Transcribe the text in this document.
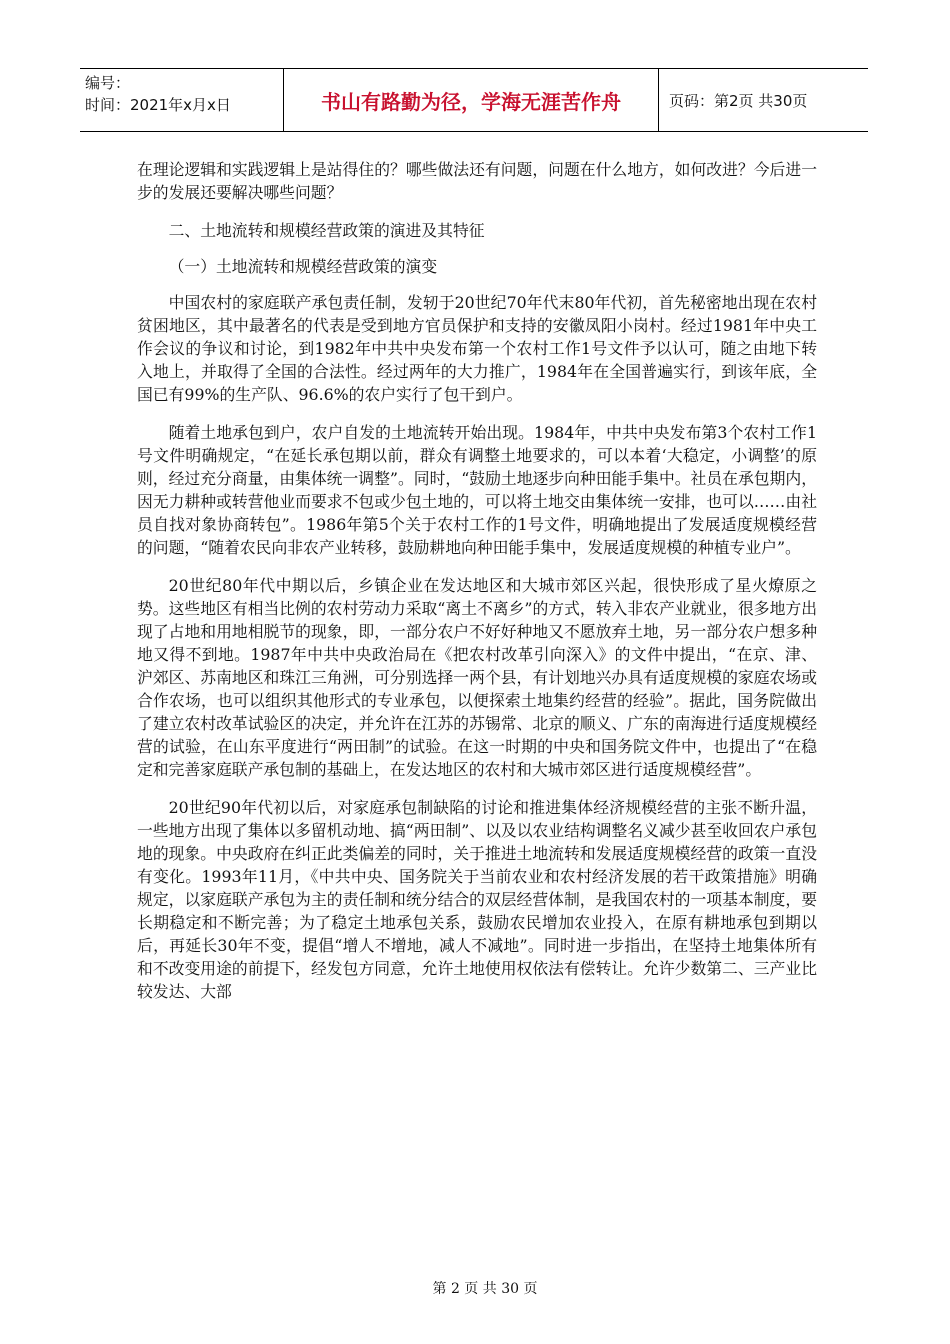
编号：
时间：2021年x月x日	书山有路勤为径，学海无涯苦作舟	页码：第2页 共30页

在理论逻辑和实践逻辑上是站得住的？哪些做法还有问题，问题在什么地方，如何改进？今后进一步的发展还要解决哪些问题？

二、土地流转和规模经营政策的演进及其特征

（一）土地流转和规模经营政策的演变

中国农村的家庭联产承包责任制，发轫于20世纪70年代末80年代初，首先秘密地出现在农村贫困地区，其中最著名的代表是受到地方官员保护和支持的安徽凤阳小岗村。经过1981年中央工作会议的争议和讨论，到1982年中共中央发布第一个农村工作1号文件予以认可，随之由地下转入地上，并取得了全国的合法性。经过两年的大力推广，1984年在全国普遍实行，到该年底，全国已有99%的生产队、96.6%的农户实行了包干到户。

随着土地承包到户，农户自发的土地流转开始出现。1984年，中共中央发布第3个农村工作1号文件明确规定，“在延长承包期以前，群众有调整土地要求的，可以本着‘大稳定，小调整’的原则，经过充分商量，由集体统一调整”。同时，“鼓励土地逐步向种田能手集中。社员在承包期内，因无力耕种或转营他业而要求不包或少包土地的，可以将土地交由集体统一安排，也可以……由社员自找对象协商转包”。1986年第5个关于农村工作的1号文件，明确地提出了发展适度规模经营的问题，“随着农民向非农产业转移，鼓励耕地向种田能手集中，发展适度规模的种植专业户”。

20世纪80年代中期以后，乡镇企业在发达地区和大城市郊区兴起，很快形成了星火燎原之势。这些地区有相当比例的农村劳动力采取“离土不离乡”的方式，转入非农产业就业，很多地方出现了占地和用地相脱节的现象，即，一部分农户不好好种地又不愿放弃土地，另一部分农户想多种地又得不到地。1987年中共中央政治局在《把农村改革引向深入》的文件中提出，“在京、津、沪郊区、苏南地区和珠江三角洲，可分别选择一两个县，有计划地兴办具有适度规模的家庭农场或合作农场，也可以组织其他形式的专业承包，以便探索土地集约经营的经验”。据此，国务院做出了建立农村改革试验区的决定，并允许在江苏的苏锡常、北京的顺义、广东的南海进行适度规模经营的试验，在山东平度进行“两田制”的试验。在这一时期的中央和国务院文件中，也提出了“在稳定和完善家庭联产承包制的基础上，在发达地区的农村和大城市郊区进行适度规模经营”。

20世纪90年代初以后，对家庭承包制缺陷的讨论和推进集体经济规模经营的主张不断升温，一些地方出现了集体以多留机动地、搞“两田制”、以及以农业结构调整名义减少甚至收回农户承包地的现象。中央政府在纠正此类偏差的同时，关于推进土地流转和发展适度规模经营的政策一直没有变化。1993年11月，《中共中央、国务院关于当前农业和农村经济发展的若干政策措施》明确规定，以家庭联产承包为主的责任制和统分结合的双层经营体制，是我国农村的一项基本制度，要长期稳定和不断完善；为了稳定土地承包关系，鼓励农民增加农业投入，在原有耕地承包到期以后，再延长30年不变，提倡“增人不增地，减人不减地”。同时进一步指出，在坚持土地集体所有和不改变用途的前提下，经发包方同意，允许土地使用权依法有偿转让。允许少数第二、三产业比较发达、大部

第 2 页 共 30 页
